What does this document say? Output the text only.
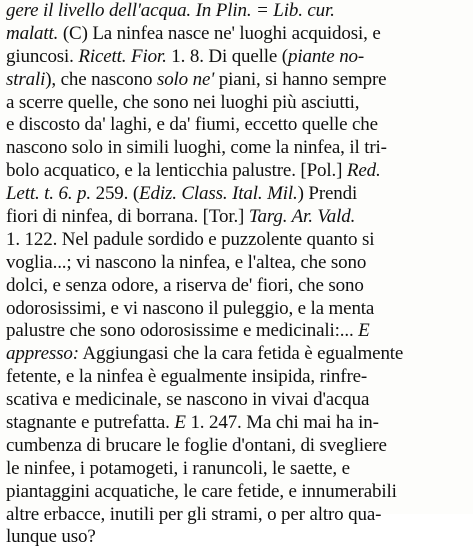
gere il livello dell'acqua. In Plin. = Lib. cur.
malatt. (C) La ninfea nasce ne' luoghi acquidosi, e
giuncosi. Ricett. Fior. 1. 8. Di quelle (piante no-
strali), che nascono solo ne' piani, si hanno sempre
a scerre quelle, che sono nei luoghi più asciutti,
e discosto da' laghi, e da' fiumi, eccetto quelle che
nascono solo in simili luoghi, come la ninfea, il tri-
bolo acquatico, e la lenticchia palustre. [Pol.] Red.
Lett. t. 6. p. 259. (Ediz. Class. Ital. Mil.) Prendi
fiori di ninfea, di borrana. [Tor.] Targ. Ar. Vald.
1. 122. Nel padule sordido e puzzolente quanto si
voglia...; vi nascono la ninfea, e l'altea, che sono
dolci, e senza odore, a riserva de' fiori, che sono
odorosissimi, e vi nascono il puleggio, e la menta
palustre che sono odorosissime e medicinali:... E
appresso: Aggiungasi che la cara fetida è egualmente
fetente, e la ninfea è egualmente insipida, rinfre-
scativa e medicinale, se nascono in vivai d'acqua
stagnante e putrefatta. E 1. 247. Ma chi mai ha in-
cumbenza di brucare le foglie d'ontani, di svegliere
le ninfee, i potamogeti, i ranuncoli, le saette, e
piantaggini acquatiche, le care fetide, e innumerabili
altre erbacce, inutili per gli strami, o per altro qua-
lunque uso?
